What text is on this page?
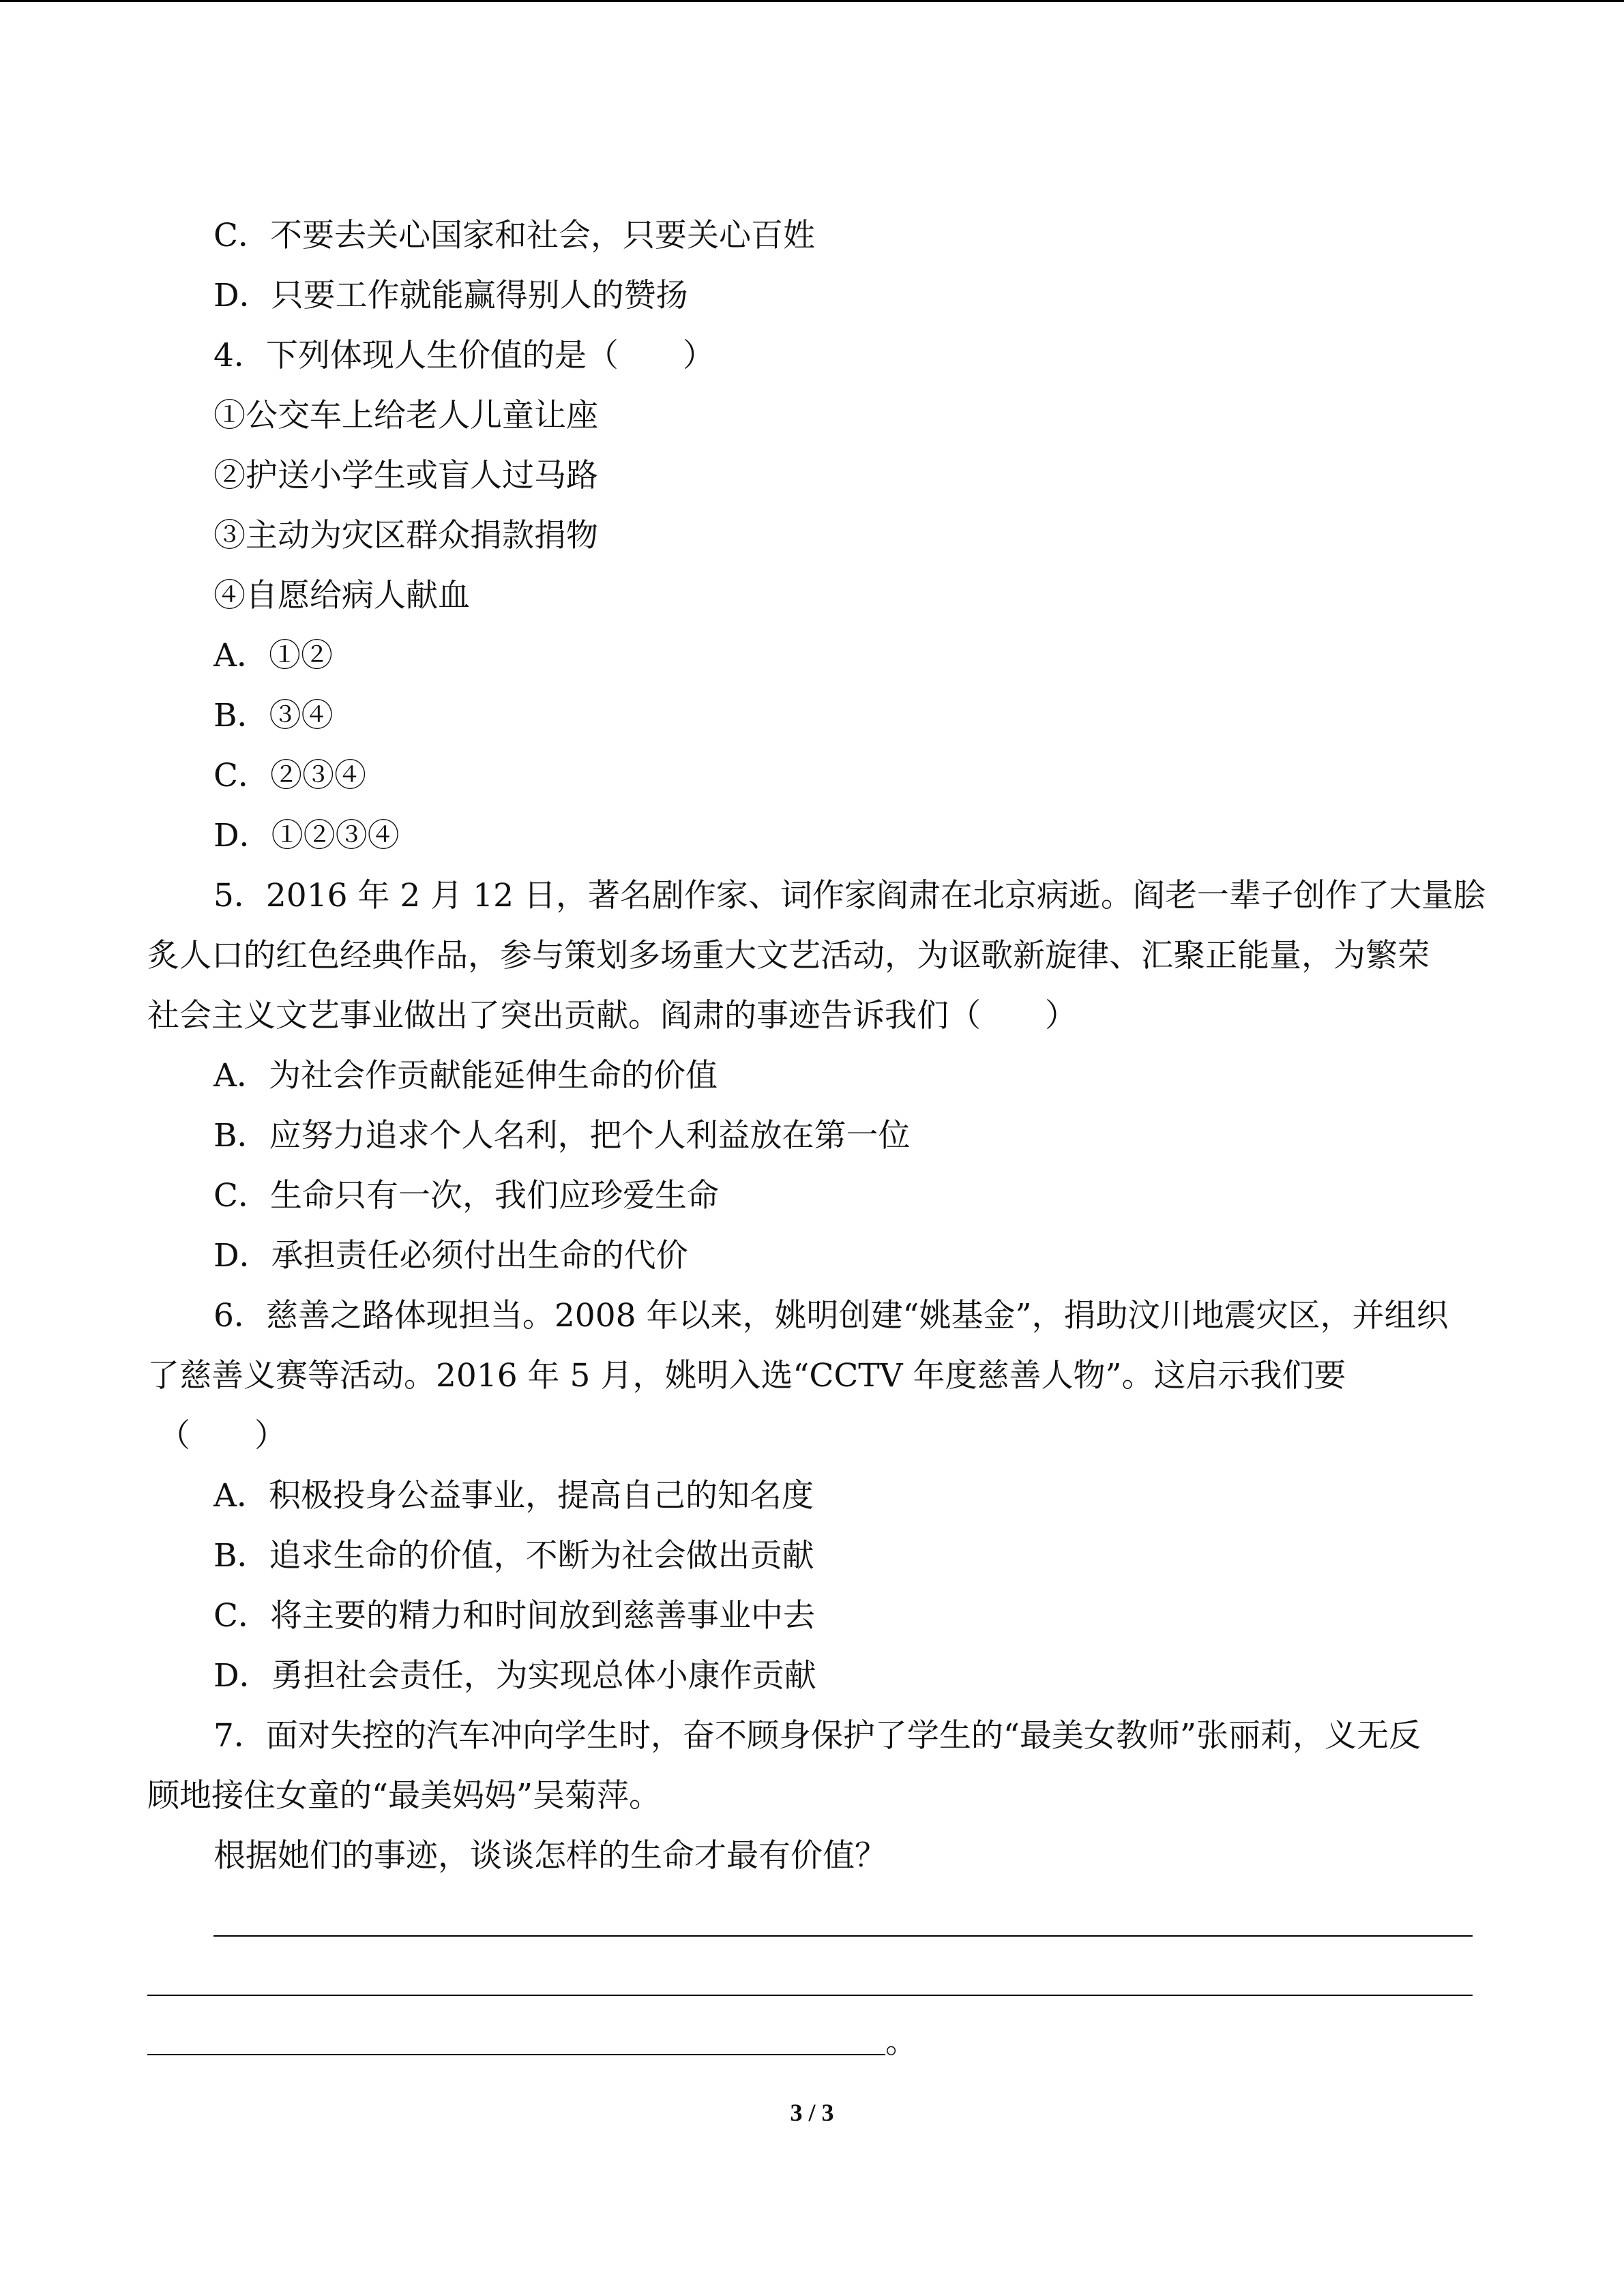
C．不要去关心国家和社会，只要关心百姓
D．只要工作就能赢得别人的赞扬
4．下列体现人生价值的是（　　）
①公交车上给老人儿童让座
②护送小学生或盲人过马路
③主动为灾区群众捐款捐物
④自愿给病人献血
A．①②
B．③④
C．②③④
D．①②③④
5．2016 年 2 月 12 日，著名剧作家、词作家阎肃在北京病逝。阎老一辈子创作了大量脍
炙人口的红色经典作品，参与策划多场重大文艺活动，为讴歌新旋律、汇聚正能量，为繁荣
社会主义文艺事业做出了突出贡献。阎肃的事迹告诉我们（　　）
A．为社会作贡献能延伸生命的价值
B．应努力追求个人名利，把个人利益放在第一位
C．生命只有一次，我们应珍爱生命
D．承担责任必须付出生命的代价
6．慈善之路体现担当。2008 年以来，姚明创建“姚基金”，捐助汶川地震灾区，并组织
了慈善义赛等活动。2016 年 5 月，姚明入选“CCTV 年度慈善人物”。这启示我们要
（　　）
A．积极投身公益事业，提高自己的知名度
B．追求生命的价值，不断为社会做出贡献
C．将主要的精力和时间放到慈善事业中去
D．勇担社会责任，为实现总体小康作贡献
7．面对失控的汽车冲向学生时，奋不顾身保护了学生的“最美女教师”张丽莉，义无反
顾地接住女童的“最美妈妈”吴菊萍。
根据她们的事迹，谈谈怎样的生命才最有价值？
。
3 / 3
